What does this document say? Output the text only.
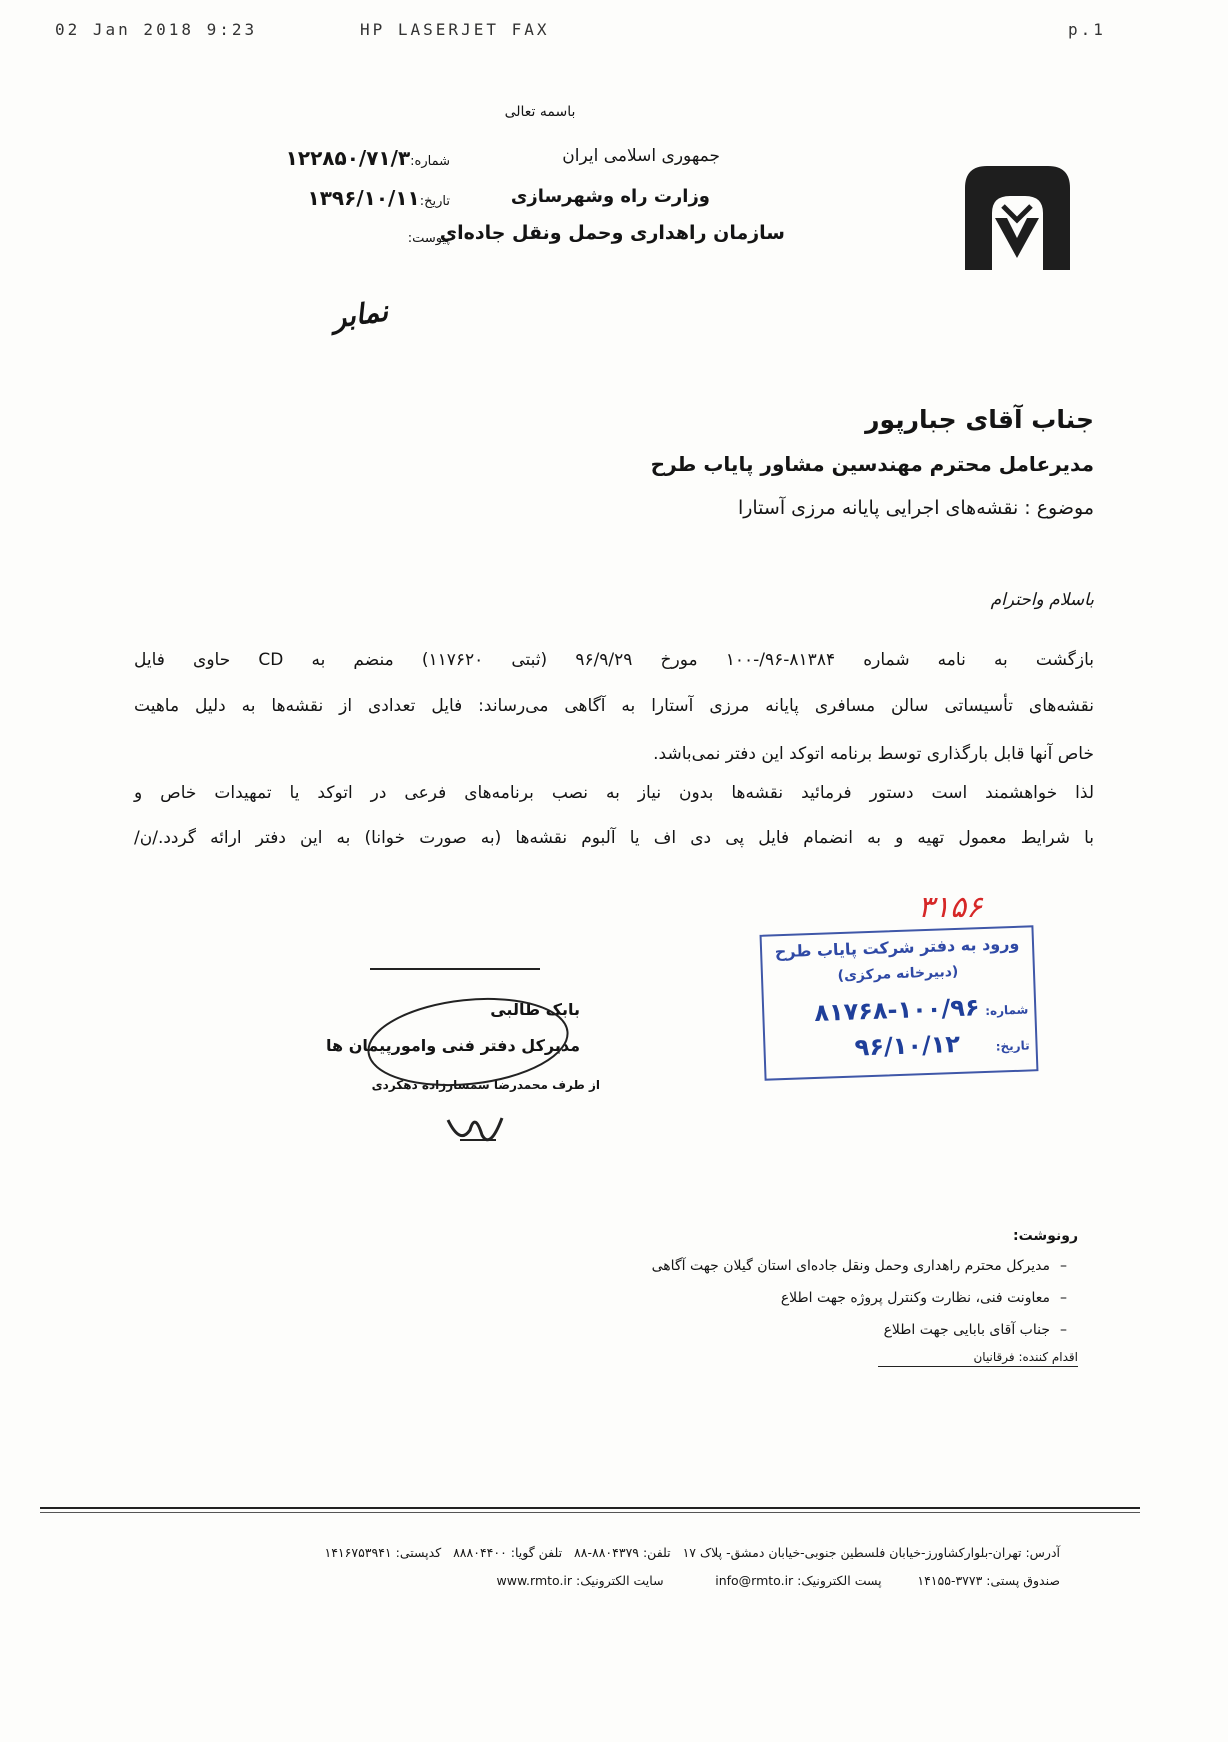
02 Jan 2018 9:23	HP LASERJET FAX	p.1
باسمه تعالی
جمهوری اسلامی ایران
وزارت راه وشهرسازی
سازمان راهداری وحمل ونقل جاده‌ای
شماره:۱۲۲۸۵۰/۷۱/۳
تاریخ:۱۳۹۶/۱۰/۱۱
پیوست:
نمابر
جناب آقای جبارپور
مدیرعامل محترم مهندسین مشاور پایاب طرح
موضوع : نقشه‌های اجرایی پایانه مرزی آستارا
باسلام واحترام
بازگشت به نامه شماره ۸۱۳۸۴-۹۶/-۱۰۰ مورخ ۹۶/۹/۲۹ (ثبتی ۱۱۷۶۲۰) منضم به CD حاوی فایل
نقشه‌های تأسیساتی سالن مسافری پایانه مرزی آستارا به آگاهی می‌رساند: فایل تعدادی از نقشه‌ها به دلیل ماهیت
خاص آنها قابل بارگذاری توسط برنامه اتوکد این دفتر نمی‌باشد.
لذا خواهشمند است دستور فرمائید نقشه‌ها بدون نیاز به نصب برنامه‌های فرعی در اتوکد یا تمهیدات خاص و
با شرایط معمول تهیه و به انضمام فایل پی دی اف یا آلبوم نقشه‌ها (به صورت خوانا) به این دفتر ارائه گردد./ن/
بابک طالبی
مدیرکل دفتر فنی وامورپیمان ها
از طرف محمدرضا سمسارزاده دهکردی
۳۱۵۶
ورود به دفتر شرکت پایاب طرح
(دبیرخانه مرکزی)
شماره: ۱۰۰/۹۶-۸۱۷۶۸
تاریخ: ۹۶/۱۰/۱۲
رونوشت:
مدیرکل محترم راهداری وحمل ونقل جاده‌ای استان گیلان جهت آگاهی –
معاونت فنی، نظارت وکنترل پروژه جهت اطلاع –
جناب آقای بابایی جهت اطلاع –
اقدام کننده: فرقانیان
آدرس: تهران-بلوارکشاورز-خیابان فلسطین جنوبی-خیابان دمشق- پلاک ۱۷   تلفن: ۸۸۰۴۳۷۹-۸۸   تلفن گویا: ۸۸۸۰۴۴۰۰   کدپستی: ۱۴۱۶۷۵۳۹۴۱
صندوق پستی: ۳۷۷۳-۱۴۱۵۵         پست الکترونیک: info@rmto.ir             سایت الکترونیک: www.rmto.ir
